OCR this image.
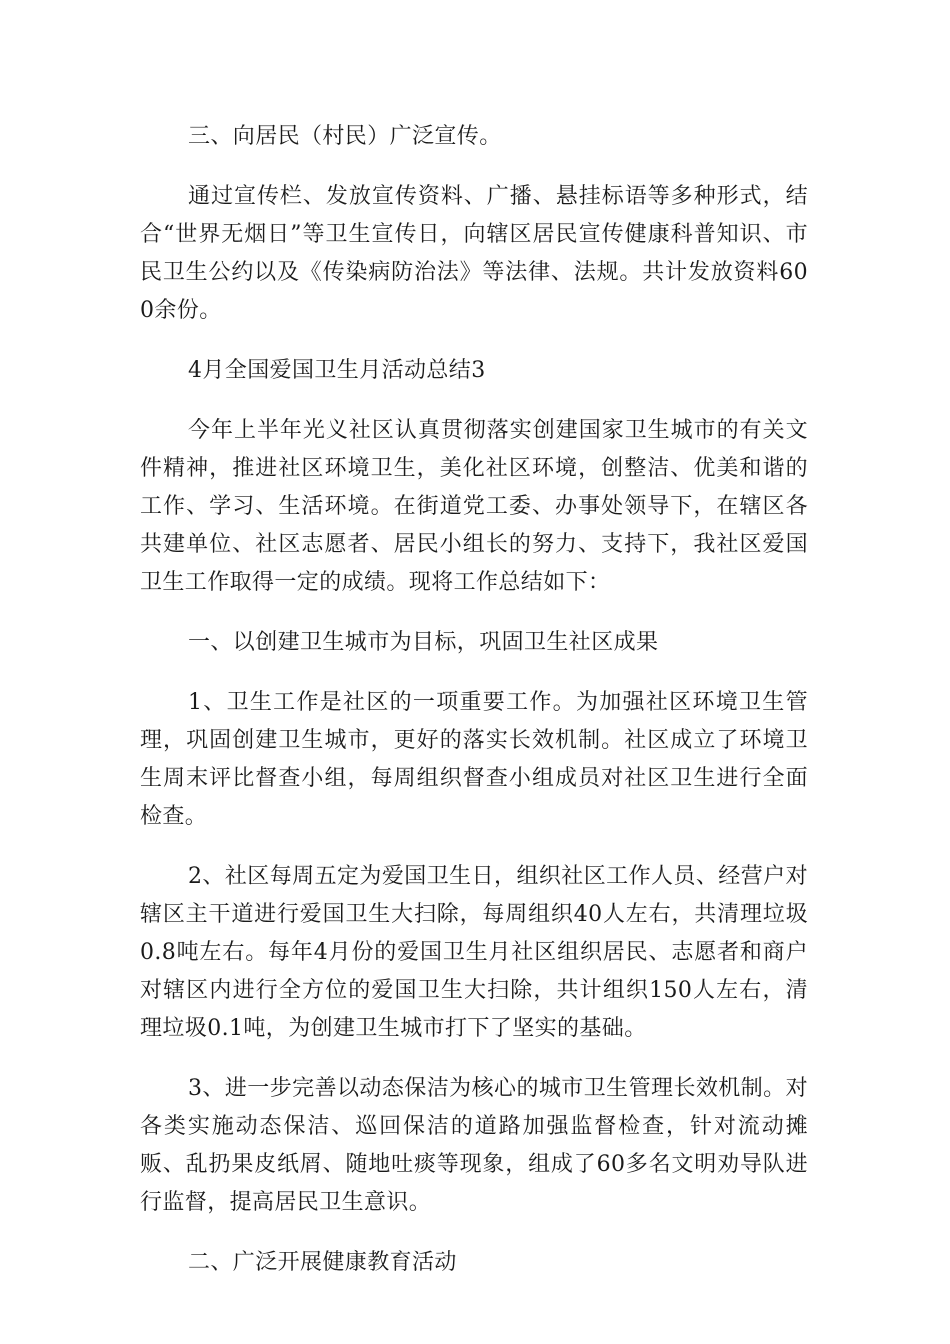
三、向居民（村民）广泛宣传。

通过宣传栏、发放宣传资料、广播、悬挂标语等多种形式，结合“世界无烟日”等卫生宣传日，向辖区居民宣传健康科普知识、市民卫生公约以及《传染病防治法》等法律、法规。共计发放资料600余份。

4月全国爱国卫生月活动总结3

今年上半年光义社区认真贯彻落实创建国家卫生城市的有关文件精神，推进社区环境卫生，美化社区环境，创整洁、优美和谐的工作、学习、生活环境。在街道党工委、办事处领导下，在辖区各共建单位、社区志愿者、居民小组长的努力、支持下，我社区爱国卫生工作取得一定的成绩。现将工作总结如下：

一、以创建卫生城市为目标，巩固卫生社区成果

1、卫生工作是社区的一项重要工作。为加强社区环境卫生管理，巩固创建卫生城市，更好的落实长效机制。社区成立了环境卫生周末评比督查小组，每周组织督查小组成员对社区卫生进行全面检查。

2、社区每周五定为爱国卫生日，组织社区工作人员、经营户对辖区主干道进行爱国卫生大扫除，每周组织40人左右，共清理垃圾0.8吨左右。每年4月份的爱国卫生月社区组织居民、志愿者和商户对辖区内进行全方位的爱国卫生大扫除，共计组织150人左右，清理垃圾0.1吨，为创建卫生城市打下了坚实的基础。

3、进一步完善以动态保洁为核心的城市卫生管理长效机制。对各类实施动态保洁、巡回保洁的道路加强监督检查，针对流动摊贩、乱扔果皮纸屑、随地吐痰等现象，组成了60多名文明劝导队进行监督，提高居民卫生意识。

二、广泛开展健康教育活动
